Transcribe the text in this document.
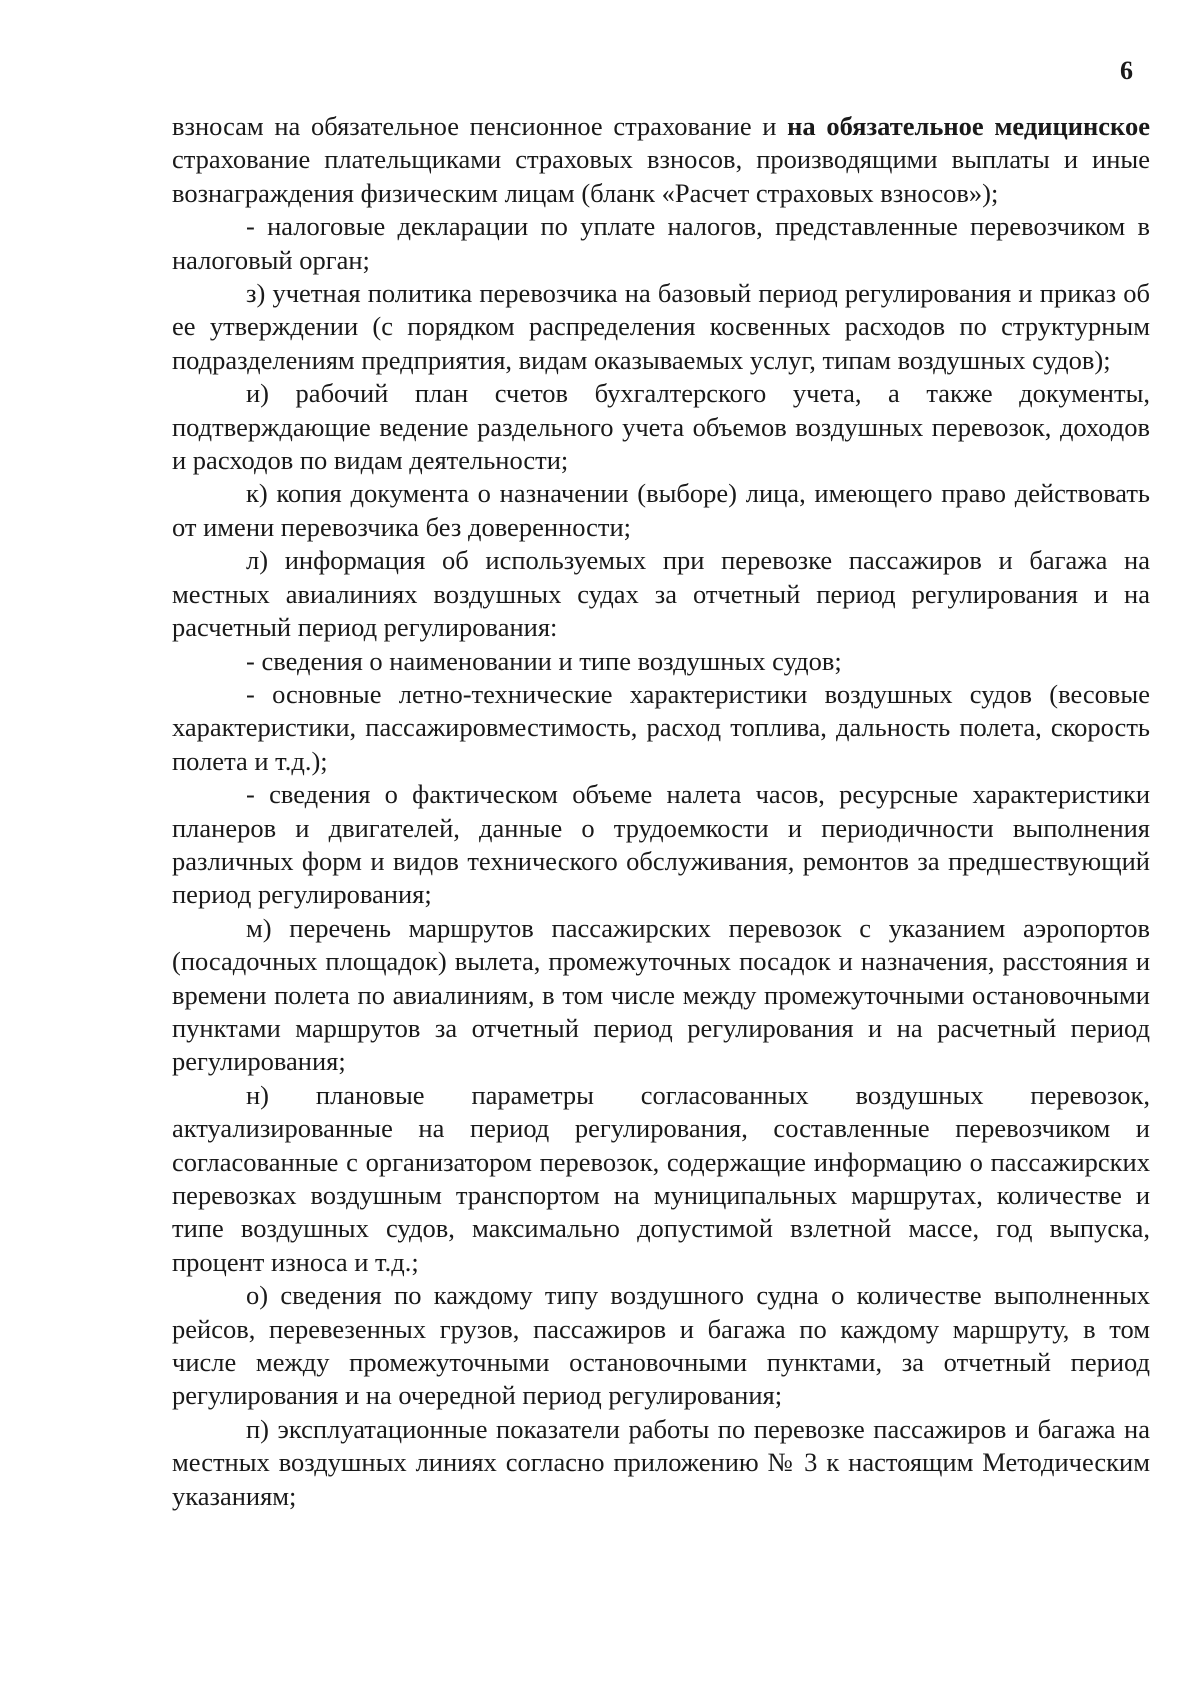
6

взносам на обязательное пенсионное страхование и на обязательное медицинское страхование плательщиками страховых взносов, производящими выплаты и иные вознаграждения физическим лицам (бланк «Расчет страховых взносов»);

- налоговые декларации по уплате налогов, представленные перевозчиком в налоговый орган;

з) учетная политика перевозчика на базовый период регулирования и приказ об ее утверждении (с порядком распределения косвенных расходов по структурным подразделениям предприятия, видам оказываемых услуг, типам воздушных судов);

и) рабочий план счетов бухгалтерского учета, а также документы, подтверждающие ведение раздельного учета объемов воздушных перевозок, доходов и расходов по видам деятельности;

к) копия документа о назначении (выборе) лица, имеющего право действовать от имени перевозчика без доверенности;

л) информация об используемых при перевозке пассажиров и багажа на местных авиалиниях воздушных судах за отчетный период регулирования и на расчетный период регулирования:

- сведения о наименовании и типе воздушных судов;

- основные летно-технические характеристики воздушных судов (весовые характеристики, пассажировместимость, расход топлива, дальность полета, скорость полета и т.д.);

- сведения о фактическом объеме налета часов, ресурсные характеристики планеров и двигателей, данные о трудоемкости и периодичности выполнения различных форм и видов технического обслуживания, ремонтов за предшествующий период регулирования;

м) перечень маршрутов пассажирских перевозок с указанием аэропортов (посадочных площадок) вылета, промежуточных посадок и назначения, расстояния и времени полета по авиалиниям, в том числе между промежуточными остановочными пунктами маршрутов за отчетный период регулирования и на расчетный период регулирования;

н) плановые параметры согласованных воздушных перевозок, актуализированные на период регулирования, составленные перевозчиком и согласованные с организатором перевозок, содержащие информацию о пассажирских перевозках воздушным транспортом на муниципальных маршрутах, количестве и типе воздушных судов, максимально допустимой взлетной массе, год выпуска, процент износа и т.д.;

о) сведения по каждому типу воздушного судна о количестве выполненных рейсов, перевезенных грузов, пассажиров и багажа по каждому маршруту, в том числе между промежуточными остановочными пунктами, за отчетный период регулирования и на очередной период регулирования;

п) эксплуатационные показатели работы по перевозке пассажиров и багажа на местных воздушных линиях согласно приложению № 3 к настоящим Методическим указаниям;
